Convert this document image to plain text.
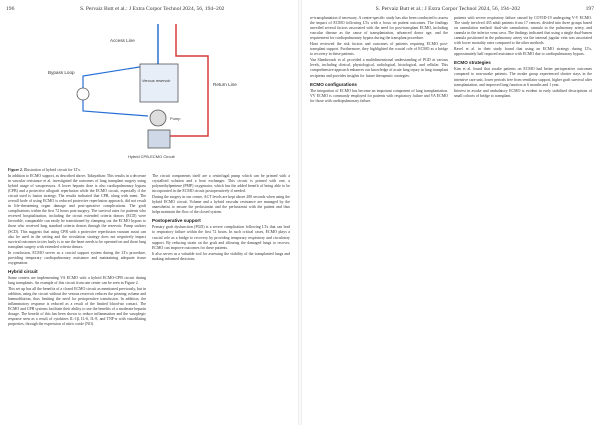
196	S. Pervaiz Butt et al.: J Extra Corpor Technol 2024, 56, 194–202
Access Line
Bypass Loop
Venous reservoir
Return Line
Pump
Hybrid CPB-ECMO Circuit
Figure 2. Illustration of hybrid circuit for LTx.

In addition to ECMO support, as described above, Takayathan: This results in a decrease in vascular resistance et al. investigated the outcomes of lung transplant surgery using hybrid usage of vasopressors. A lower heparin dose is also cardiopulmonary bypass (CPB) and a protective allograft reperfusion while the ECMO circuit, especially if the circuit used is fusion strategy. The results indicated that CPB, along with ment. The overall bode of using ECMO is reduced protective reperfusion approach, did not result in life-threatening organ damage and post-operative complications. The graft complications within the first 72 hours post-surgery. The survival rates for patients who received hospitalization, including the circuit extended criteria donors (ECD) were favorable, comparable can easily be transitioned by clamping out the ECMO bypass to those who received lung standard criteria donors through the reservoir. Pump suckers (SCD). This suggests that using CPB with a protective reperfusion vacuum assist can also be used in the setting and the circulation strategy does not negatively impact survival outcomes in ties lastly is to use the heart needs to be operated on and those lung transplant surgery with extended criteria donors.

In conclusion, ECMO serves as a crucial support system during the LTx procedure, providing temporary cardiopulmonary assistance and maintaining adequate tissue oxygenation.

Hybrid circuit

Some centers are implementing VA ECMO with a hybrid ECMO-CPB circuit during lung transplants. An example of this circuit from one center can be seen in Figure 2.

This set up has all the benefits of a closed ECMO circuit as mentioned previously, but in addition, using the circuit without the venous reservoir reduces the priming volume and haemodilution, thus limiting the need for perioperative transfusion. In addition, the inflammatory response is reduced as a result of the limited blood-air contact. The ECMO and CPB systems facilitate their ability to use the benefits of a moderate heparin dosage. The benefit of this has been shown to reduce inflammation and the vasoplegic response seen as a result of cytokines IL-1β, IL-6, IL-8, and TNF-α with vasodilating properties, through the expression of nitric oxide (NO).

The circuit components itself are a centrifugal pump which can be primed with a crystalloid solution and a heat exchanger. This circuit is primed with one, a polymethylpentene (PMP) oxygenator, which has the added benefit of being able to be incorporated in the ECMO circuit postoperatively if needed.

During the surgery in our centre, ACT levels are kept above 200 seconds when using the hybrid ECMO circuit. Volume and a hybrid vascular resistance are managed by the anaesthetist to ensure the perfusionist and the perfusionist with the patient and thus helps maintain the flow of the closed system.

Postoperative support

Primary graft dysfunction (PGD) is a severe complication following LTx that can lead to respiratory failure within the first 72 hours. In such critical cases, ECMO plays a crucial role as a bridge to recovery by providing temporary respiratory and circulatory support. By reducing strain on the graft and allowing the damaged lungs to recover, ECMO can improve outcomes for these patients.

It also serves as a valuable tool for assessing the viability of the transplanted lungs and making informed decisions.

S. Pervaiz Butt et al.: J Extra Corpor Technol 2024, 56, 194–202	197

re-transplantation if necessary. A centre-specific study has also been conducted to assess the impact of ECMO following LTx with a focus on patient outcomes. The findings unveiled several factors associated with the need for post-transplant ECMO, including vascular disease as the cause of transplantation, advanced donor age, and the requirement for cardiopulmonary bypass during the transplant procedure.

Hunt reviewed the risk factors and outcomes of patients requiring ECMO post-transplant support. Furthermore, they highlighted the crucial role of ECMO as a bridge to recovery in these patients.

Van Slambrouck et al. provided a multidimensional understanding of PGD at various levels, including clinical, physiological, radiological, histological, and cellular. This comprehensive approach enhances our knowledge of acute lung injury in lung transplant recipients and provides insights for future therapeutic strategies.

ECMO configurations

The integration of ECMO has become an important component of lung transplantation. VV ECMO is commonly employed for patients with respiratory failure and VA ECMO for those with cardiopulmonary failure.

patients with severe respiratory failure caused by COVID-19 undergoing V-V ECMO. The study involved 435 adult patients from 17 centres, divided into three groups based on cannulation method: dual-site cannulation, cannula in the pulmonary artery, and cannula in the inferior vena cava. The findings indicated that using a single dual-lumen cannula positioned in the pulmonary artery via the internal jugular vein was associated with lower mortality rates compared to the other methods.

Ravel et al. in their study found that using an ECMO strategy during LTx, approximately half required assistance with ECMO due to cardiopulmonary bypass.

ECMO strategies

Kim et al. found that awake patients on ECMO had better perioperative outcomes compared to non-awake patients. The awake group experienced shorter stays in the intensive care unit, lower periods free from ventilator support, higher graft survival after transplantation, and improved lung function at 6 months and 1 year.

Interest in awake and ambulatory ECMO is evident in early stabilised descriptions of small cohorts of bridge to transplant.
